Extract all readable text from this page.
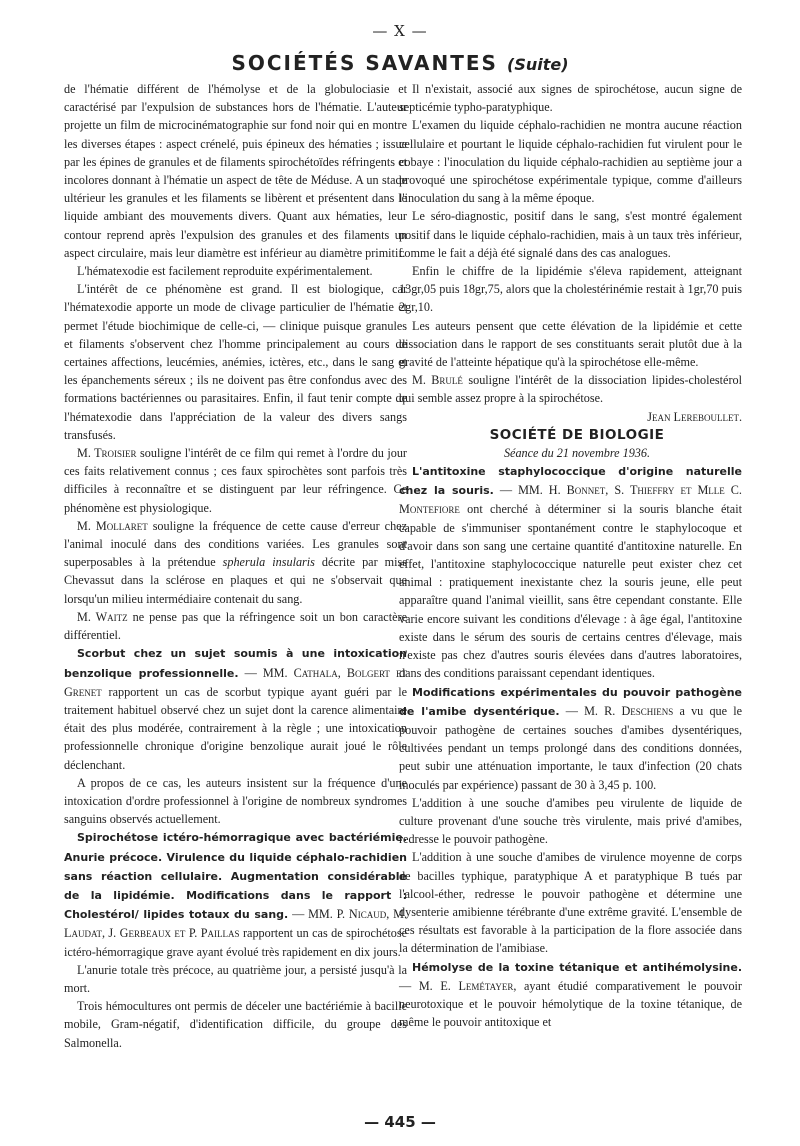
— X —

SOCIÉTÉS SAVANTES (Suite)

de l'hématie différent de l'hémolyse et de la globulociasie et caractérisé par l'expulsion de substances hors de l'hématie. L'auteur projette un film de microcinématographie sur fond noir qui en montre les diverses étapes : aspect crénelé, puis épineux des hématies ; issue par les épines de granules et de filaments spirochétoïdes réfringents et incolores donnant à l'hématie un aspect de tête de Méduse. A un stade ultérieur les granules et les filaments se libèrent et présentent dans le liquide ambiant des mouvements divers. Quant aux hématies, leur contour reprend après l'expulsion des granules et des filaments un aspect circulaire, mais leur diamètre est inférieur au diamètre primitif.

L'hématexodie est facilement reproduite expérimentalement.

L'intérêt de ce phénomène est grand. Il est biologique, car l'hématexodie apporte un mode de clivage particulier de l'hématie et permet l'étude biochimique de celle-ci, — clinique puisque granules et filaments s'observent chez l'homme principalement au cours de certaines affections, leucémies, anémies, ictères, etc., dans le sang et les épanchements séreux ; ils ne doivent pas être confondus avec des formations bactériennes ou parasitaires. Enfin, il faut tenir compte de l'hématexodie dans l'appréciation de la valeur des divers sangs transfusés.

M. Troisier souligne l'intérêt de ce film qui remet à l'ordre du jour ces faits relativement connus ; ces faux spirochètes sont parfois très difficiles à reconnaître et se distinguent par leur réfringence. Ce phénomène est physiologique.

M. Mollaret souligne la fréquence de cette cause d'erreur chez l'animal inoculé dans des conditions variées. Les granules sont superposables à la prétendue spherula insularis décrite par miss Chevassut dans la sclérose en plaques et qui ne s'observait que lorsqu'un milieu intermédiaire contenait du sang.

M. Waitz ne pense pas que la réfringence soit un bon caractère différentiel.

Scorbut chez un sujet soumis à une intoxication benzolique professionnelle. — MM. Cathala, Bolgert et Grenet rapportent un cas de scorbut typique ayant guéri par le traitement habituel observé chez un sujet dont la carence alimentaire était des plus modérée, contrairement à la règle ; une intoxication professionnelle chronique d'origine benzolique aurait joué le rôle déclenchant.

A propos de ce cas, les auteurs insistent sur la fréquence d'une intoxication d'ordre professionnel à l'origine de nombreux syndromes sanguins observés actuellement.

Spirochétose ictéro-hémorragique avec bactériémie. Anurie précoce. Virulence du liquide céphalo-rachidien sans réaction cellulaire. Augmentation considérable de la lipidémie. Modifications dans le rapport : Cholestérol/ lipides totaux du sang. — MM. P. Nicaud, M. Laudat, J. Gerbeaux et P. Paillas rapportent un cas de spirochétose ictéro-hémorragique grave ayant évolué très rapidement en dix jours.

L'anurie totale très précoce, au quatrième jour, a persisté jusqu'à la mort.

Trois hémocultures ont permis de déceler une bactériémie à bacille mobile, Gram-négatif, d'identification difficile, du groupe des Salmonella.

Il n'existait, associé aux signes de spirochétose, aucun signe de septicémie typho-paratyphique.

L'examen du liquide céphalo-rachidien ne montra aucune réaction cellulaire et pourtant le liquide céphalo-rachidien fut virulent pour le cobaye : l'inoculation du liquide céphalo-rachidien au septième jour a provoqué une spirochétose expérimentale typique, comme d'ailleurs l'inoculation du sang à la même époque.

Le séro-diagnostic, positif dans le sang, s'est montré également positif dans le liquide céphalo-rachidien, mais à un taux très inférieur, comme le fait a déjà été signalé dans des cas analogues.

Enfin le chiffre de la lipidémie s'éleva rapidement, atteignant 13gr,05 puis 18gr,75, alors que la cholestérinémie restait à 1gr,70 puis 2gr,10.

Les auteurs pensent que cette élévation de la lipidémie et cette dissociation dans le rapport de ses constituants serait plutôt due à la gravité de l'atteinte hépatique qu'à la spirochétose elle-même.

M. Brulé souligne l'intérêt de la dissociation lipides-cholestérol qui semble assez propre à la spirochétose.

Jean Lereboullet.

SOCIÉTÉ DE BIOLOGIE

Séance du 21 novembre 1936.

L'antitoxine staphylococcique d'origine naturelle chez la souris. — MM. H. Bonnet, S. Thieffry et Mlle C. Montefiore ont cherché à déterminer si la souris blanche était capable de s'immuniser spontanément contre le staphylocoque et d'avoir dans son sang une certaine quantité d'antitoxine naturelle. En effet, l'antitoxine staphylococcique naturelle peut exister chez cet animal : pratiquement inexistante chez la souris jeune, elle peut apparaître quand l'animal vieillit, sans être cependant constante. Elle varie encore suivant les conditions d'élevage : à âge égal, l'antitoxine existe dans le sérum des souris de certains centres d'élevage, mais n'existe pas chez d'autres souris élevées dans d'autres laboratoires, dans des conditions paraissant cependant identiques.

Modifications expérimentales du pouvoir pathogène de l'amibe dysentérique. — M. R. Deschiens a vu que le pouvoir pathogène de certaines souches d'amibes dysentériques, cultivées pendant un temps prolongé dans des conditions données, peut subir une atténuation importante, le taux d'infection (20 chats inoculés par expérience) passant de 30 à 3,45 p. 100.

L'addition à une souche d'amibes peu virulente de liquide de culture provenant d'une souche très virulente, mais privé d'amibes, redresse le pouvoir pathogène.

L'addition à une souche d'amibes de virulence moyenne de corps de bacilles typhique, paratyphique A et paratyphique B tués par l'alcool-éther, redresse le pouvoir pathogène et détermine une dysenterie amibienne térébrante d'une extrême gravité. L'ensemble de ces résultats est favorable à la participation de la flore associée dans la détermination de l'amibiase.

Hémolyse de la toxine tétanique et antihémolysine. — M. E. Lemétayer, ayant étudié comparativement le pouvoir neurotoxique et le pouvoir hémolytique de la toxine tétanique, de même le pouvoir antitoxique et

— 445 —
